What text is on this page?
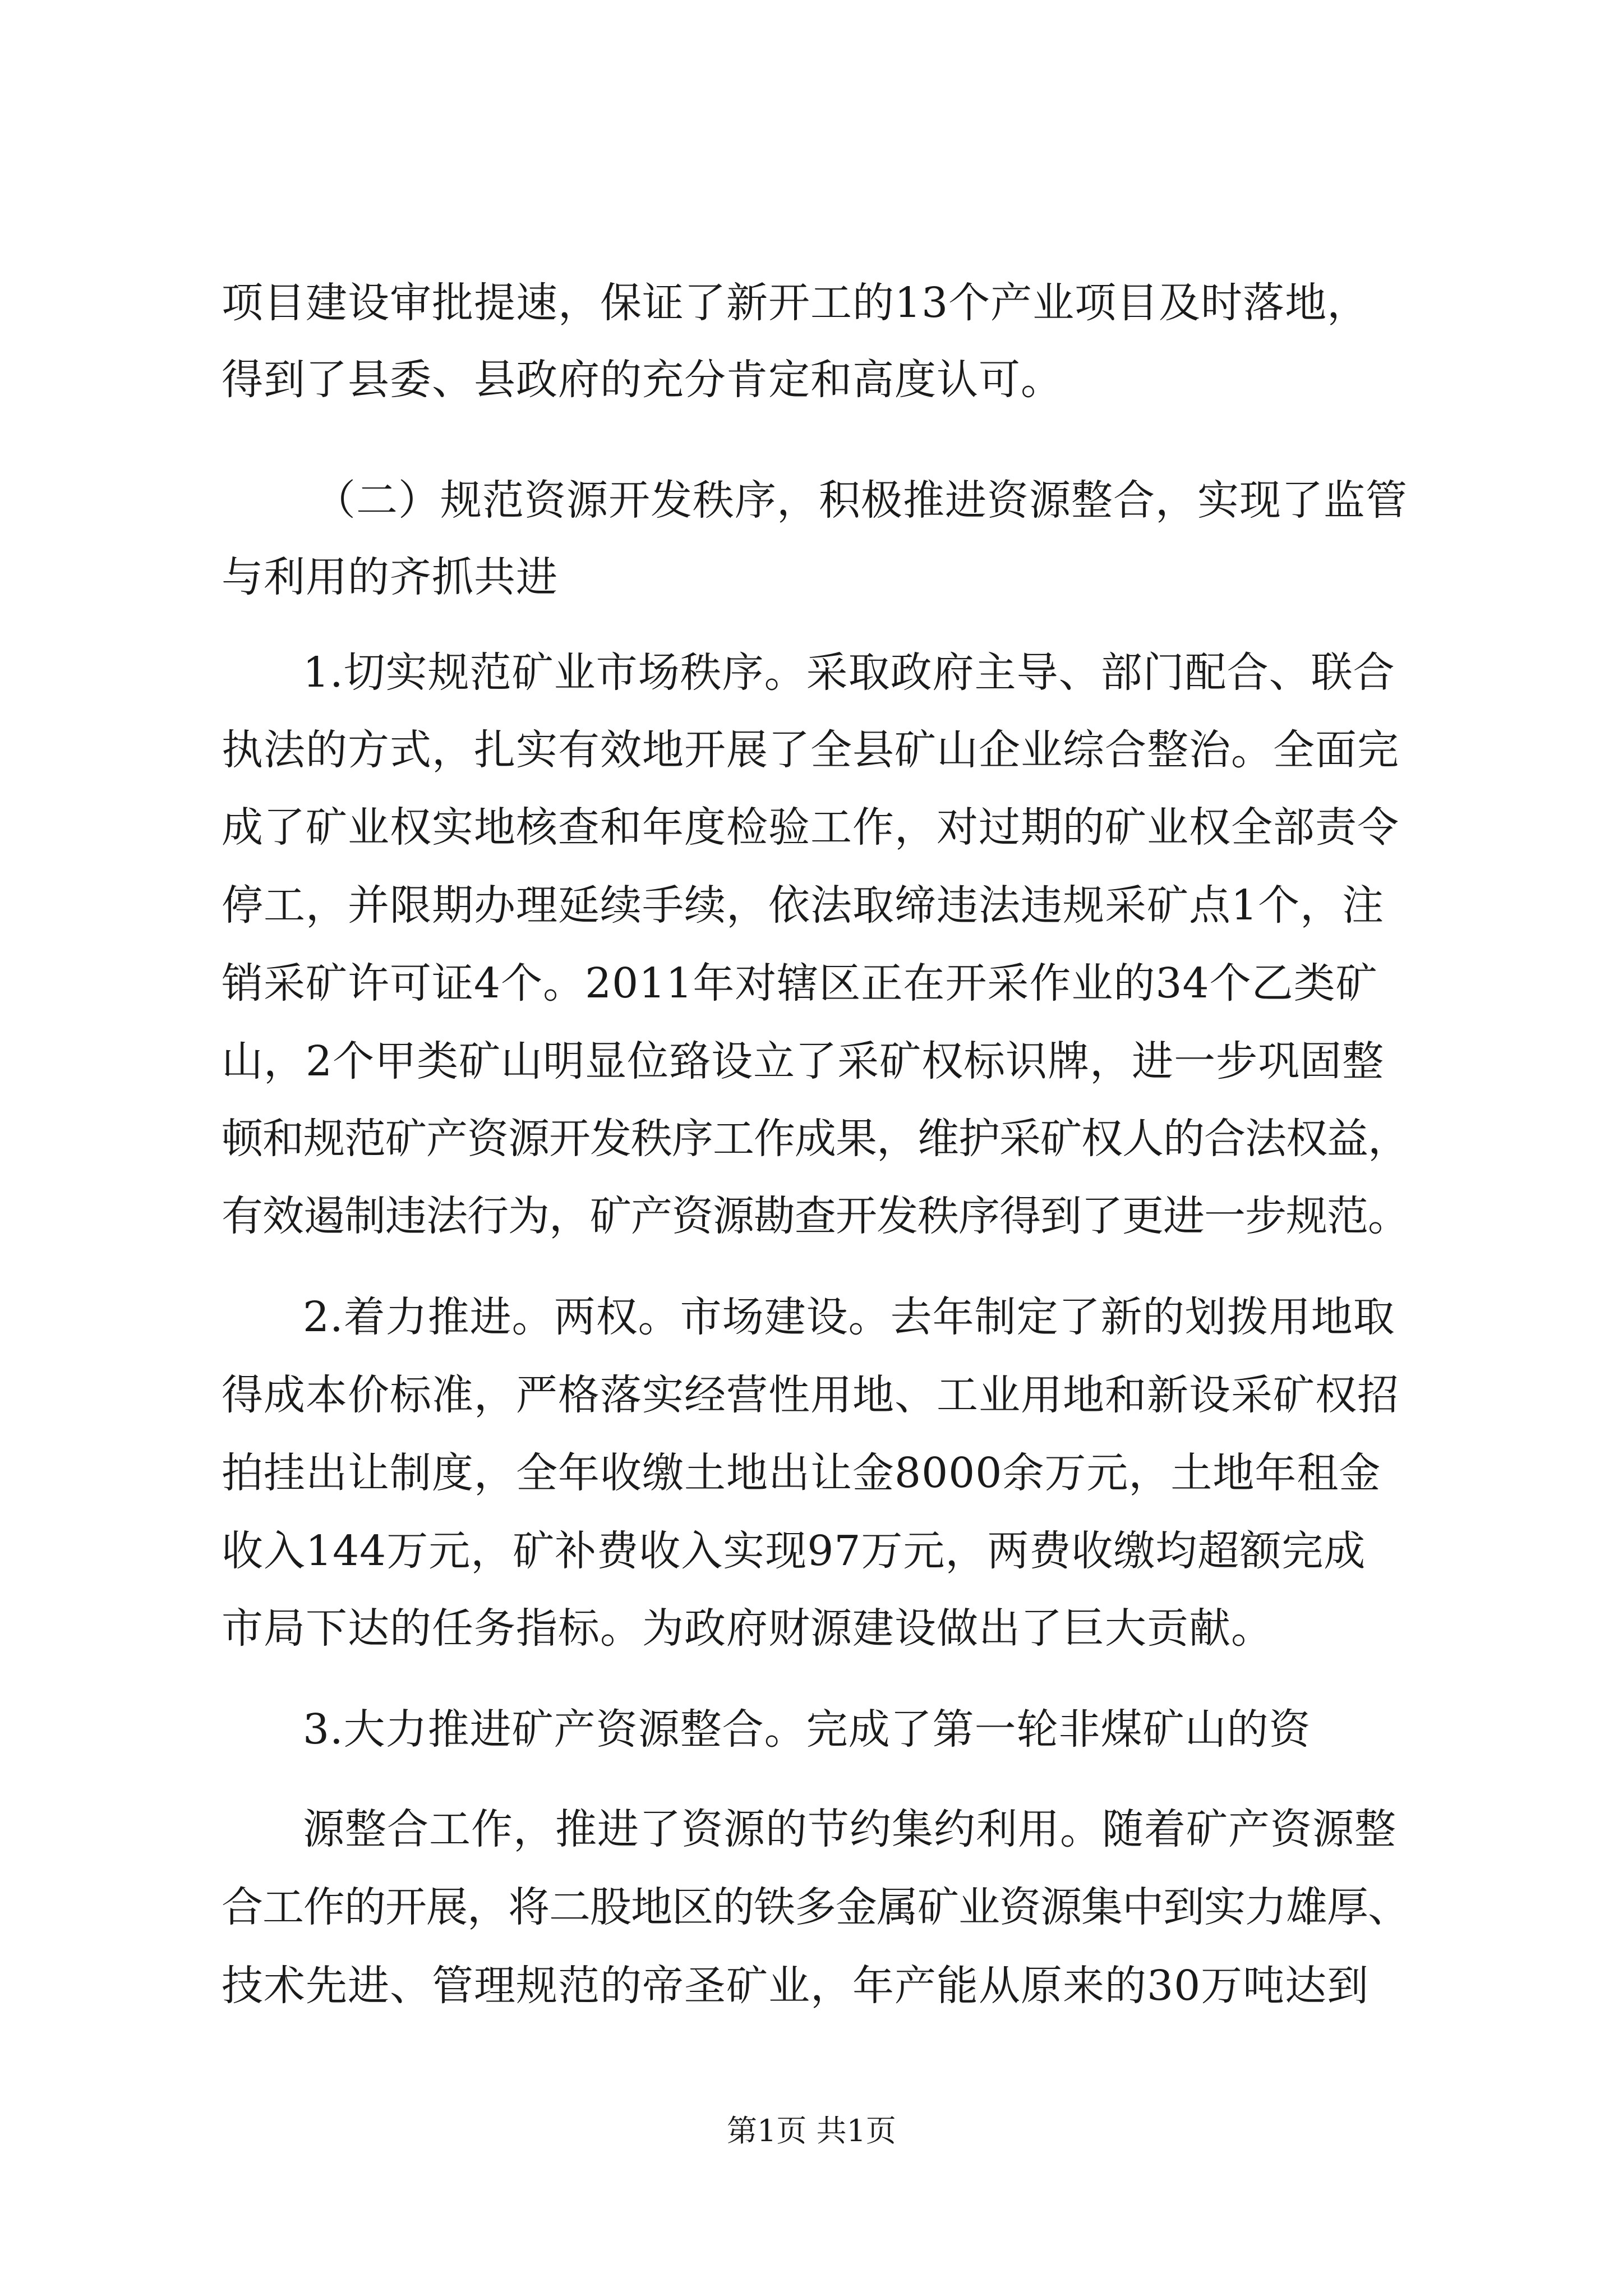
项目建设审批提速，保证了新开工的13个产业项目及时落地，
得到了县委、县政府的充分肯定和高度认可。
（二）规范资源开发秩序，积极推进资源整合，实现了监管
与利用的齐抓共进
1.切实规范矿业市场秩序。采取政府主导、部门配合、联合
执法的方式，扎实有效地开展了全县矿山企业综合整治。全面完
成了矿业权实地核查和年度检验工作，对过期的矿业权全部责令
停工，并限期办理延续手续，依法取缔违法违规采矿点1个，注
销采矿许可证4个。2011年对辖区正在开采作业的34个乙类矿
山，2个甲类矿山明显位臵设立了采矿权标识牌，进一步巩固整
顿和规范矿产资源开发秩序工作成果，维护采矿权人的合法权益，
有效遏制违法行为，矿产资源勘查开发秩序得到了更进一步规范。
2.着力推进。两权。市场建设。去年制定了新的划拨用地取
得成本价标准，严格落实经营性用地、工业用地和新设采矿权招
拍挂出让制度，全年收缴土地出让金8000余万元，土地年租金
收入144万元，矿补费收入实现97万元，两费收缴均超额完成
市局下达的任务指标。为政府财源建设做出了巨大贡献。
3.大力推进矿产资源整合。完成了第一轮非煤矿山的资
源整合工作，推进了资源的节约集约利用。随着矿产资源整
合工作的开展，将二股地区的铁多金属矿业资源集中到实力雄厚、
技术先进、管理规范的帝圣矿业，年产能从原来的30万吨达到
第1页 共1页
